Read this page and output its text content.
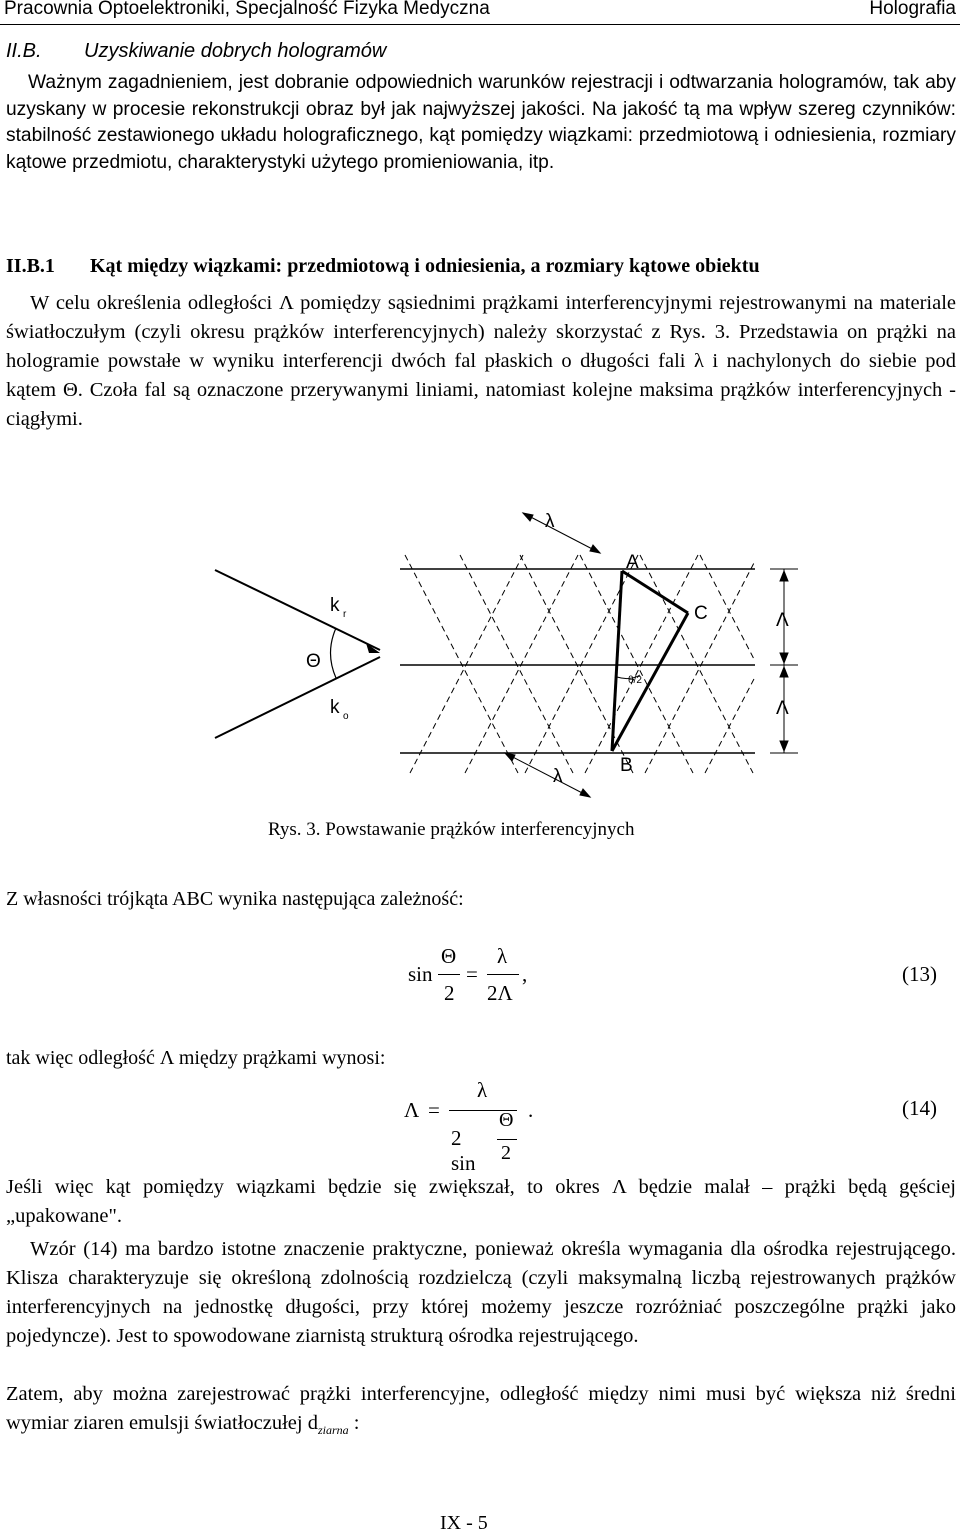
Pracownia Optoelektroniki, Specjalność Fizyka Medyczna	Holografia
II.B. Uzyskiwanie dobrych hologramów

Ważnym zagadnieniem, jest dobranie odpowiednich warunków rejestracji i odtwarzania hologramów, tak aby uzyskany w procesie rekonstrukcji obraz był jak najwyższej jakości. Na jakość tą ma wpływ szereg czynników: stabilność zestawionego układu holograficznego, kąt pomiędzy wiązkami: przedmiotową i odniesienia, rozmiary kątowe przedmiotu, charakterystyki użytego promieniowania, itp.

II.B.1 Kąt między wiązkami: przedmiotową i odniesienia, a rozmiary kątowe obiektu

W celu określenia odległości Λ pomiędzy sąsiednimi prążkami interferencyjnymi rejestrowanymi na materiale światłoczułym (czyli okresu prążków interferencyjnych) należy skorzystać z Rys. 3. Przedstawia on prążki na hologramie powstałe w wyniku interferencji dwóch fal płaskich o długości fali λ i nachylonych do siebie pod kątem Θ. Czoła fal są oznaczone przerywanymi liniami, natomiast kolejne maksima prążków interferencyjnych - ciągłymi.

k r
Θ
k o
λ
λ
A
C
B
θ/2
Λ
Λ
Rys. 3. Powstawanie prążków interferencyjnych
Z własności trójkąta ABC wynika następująca zależność:
sin
Θ
2
=
λ
2Λ
,	(13)
tak więc odległość Λ między prążkami wynosi:
Λ =
λ
2 sin
Θ
2
.	(14)

Jeśli więc kąt pomiędzy wiązkami będzie się zwiększał, to okres Λ będzie malał – prążki będą gęściej „upakowane".

Wzór (14) ma bardzo istotne znaczenie praktyczne, ponieważ określa wymagania dla ośrodka rejestrującego. Klisza charakteryzuje się określoną zdolnością rozdzielczą (czyli maksymalną liczbą rejestrowanych prążków interferencyjnych na jednostkę długości, przy której możemy jeszcze rozróżniać poszczególne prążki jako pojedyncze). Jest to spowodowane ziarnistą strukturą ośrodka rejestrującego.

Zatem, aby można zarejestrować prążki interferencyjne, odległość między nimi musi być większa niż średni wymiar ziaren emulsji światłoczułej $d_{ziarna}$ :

IX - 5
